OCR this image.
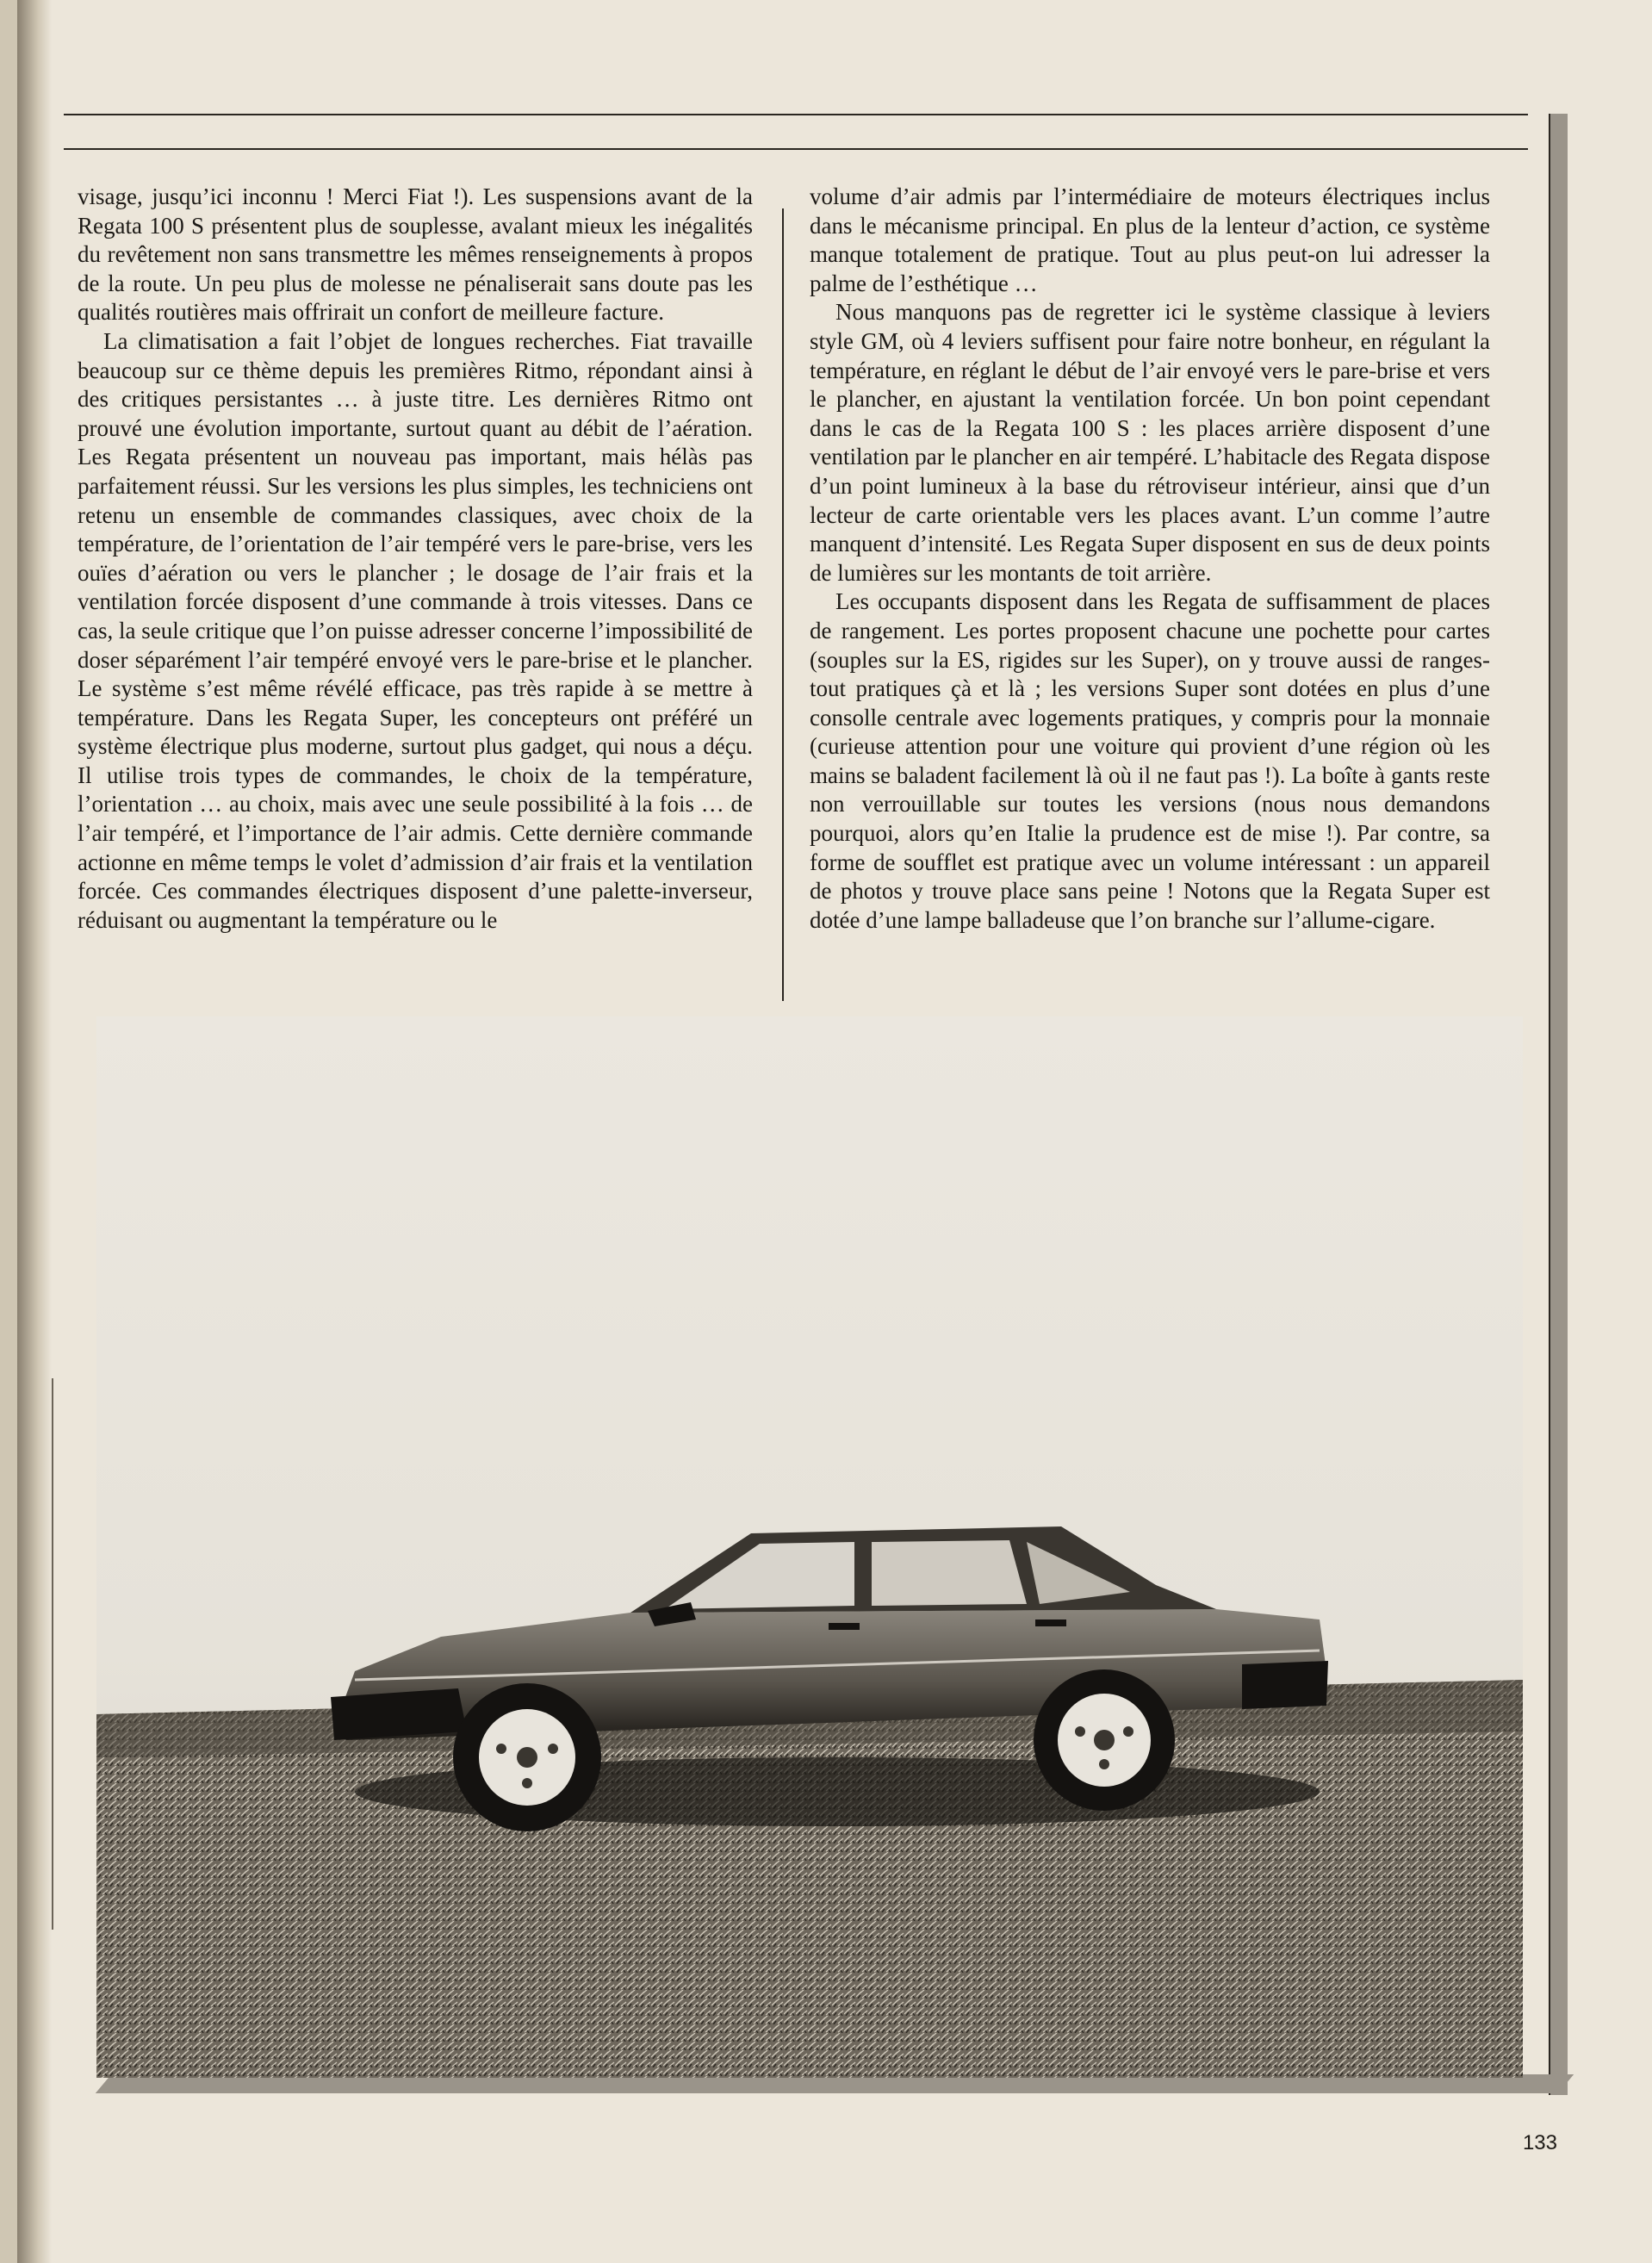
visage, jusqu’ici inconnu ! Merci Fiat !). Les suspensions avant de la Regata 100 S présentent plus de souplesse, avalant mieux les inégalités du revêtement non sans transmettre les mêmes renseignements à propos de la route. Un peu plus de molesse ne pénaliserait sans doute pas les qualités routières mais offrirait un confort de meilleure facture.

La climatisation a fait l’objet de longues recherches. Fiat travaille beaucoup sur ce thème depuis les premières Ritmo, répondant ainsi à des critiques persistantes … à juste titre. Les dernières Ritmo ont prouvé une évolution importante, surtout quant au débit de l’aération. Les Regata présentent un nouveau pas important, mais hélàs pas parfaitement réussi. Sur les versions les plus simples, les techniciens ont retenu un ensemble de commandes classiques, avec choix de la température, de l’orientation de l’air tempéré vers le pare-brise, vers les ouïes d’aération ou vers le plancher ; le dosage de l’air frais et la ventilation forcée disposent d’une commande à trois vitesses. Dans ce cas, la seule critique que l’on puisse adresser concerne l’impossibilité de doser séparément l’air tempéré envoyé vers le pare-brise et le plancher. Le système s’est même révélé efficace, pas très rapide à se mettre à température. Dans les Regata Super, les concepteurs ont préféré un système électrique plus moderne, surtout plus gadget, qui nous a déçu. Il utilise trois types de commandes, le choix de la température, l’orientation … au choix, mais avec une seule possibilité à la fois … de l’air tempéré, et l’importance de l’air admis. Cette dernière commande actionne en même temps le volet d’admission d’air frais et la ventilation forcée. Ces commandes électriques disposent d’une palette-inverseur, réduisant ou augmentant la température ou le

volume d’air admis par l’intermédiaire de moteurs électriques inclus dans le mécanisme principal. En plus de la lenteur d’action, ce système manque totalement de pratique. Tout au plus peut-on lui adresser la palme de l’esthétique …

Nous manquons pas de regretter ici le système classique à leviers style GM, où 4 leviers suffisent pour faire notre bonheur, en régulant la température, en réglant le début de l’air envoyé vers le pare-brise et vers le plancher, en ajustant la ventilation forcée. Un bon point cependant dans le cas de la Regata 100 S : les places arrière disposent d’une ventilation par le plancher en air tempéré. L’habitacle des Regata dispose d’un point lumineux à la base du rétroviseur intérieur, ainsi que d’un lecteur de carte orientable vers les places avant. L’un comme l’autre manquent d’intensité. Les Regata Super disposent en sus de deux points de lumières sur les montants de toit arrière.

Les occupants disposent dans les Regata de suffisamment de places de rangement. Les portes proposent chacune une pochette pour cartes (souples sur la ES, rigides sur les Super), on y trouve aussi de ranges-tout pratiques çà et là ; les versions Super sont dotées en plus d’une consolle centrale avec logements pratiques, y compris pour la monnaie (curieuse attention pour une voiture qui provient d’une région où les mains se baladent facilement là où il ne faut pas !). La boîte à gants reste non verrouillable sur toutes les versions (nous nous demandons pourquoi, alors qu’en Italie la prudence est de mise !). Par contre, sa forme de soufflet est pratique avec un volume intéressant : un appareil de photos y trouve place sans peine ! Notons que la Regata Super est dotée d’une lampe balladeuse que l’on branche sur l’allume-cigare.

133
